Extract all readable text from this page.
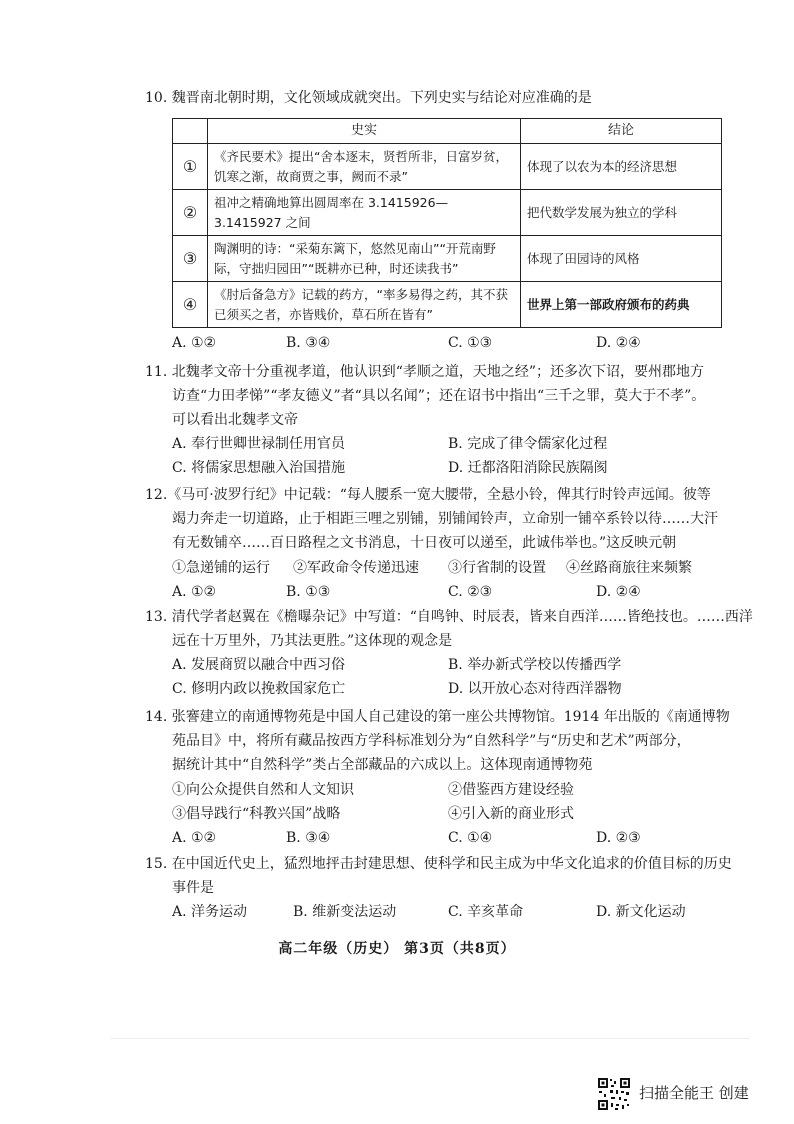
10. 魏晋南北朝时期，文化领域成就突出。下列史实与结论对应准确的是
	史实	结论
①	《齐民要术》提出“舍本逐末，贤哲所非，日富岁贫，饥寒之渐，故商贾之事，阙而不录”	体现了以农为本的经济思想
②	祖冲之精确地算出圆周率在 3.1415926—3.1415927 之间	把代数学发展为独立的学科
③	陶渊明的诗：“采菊东篱下，悠然见南山”“开荒南野际，守拙归园田”“既耕亦已种，时还读我书”	体现了田园诗的风格
④	《肘后备急方》记载的药方，“率多易得之药，其不获已须买之者，亦皆贱价，草石所在皆有”	世界上第一部政府颁布的药典
A. ①②	B. ③④	C. ①③	D. ②④
11. 北魏孝文帝十分重视孝道，他认识到“孝顺之道，天地之经”；还多次下诏，要州郡地方
访查“力田孝悌”“孝友德义”者“具以名闻”；还在诏书中指出“三千之罪，莫大于不孝”。
可以看出北魏孝文帝
A. 奉行世卿世禄制任用官员	B. 完成了律令儒家化过程
C. 将儒家思想融入治国措施	D. 迁都洛阳消除民族隔阂
12.《马可·波罗行纪》中记载：“每人腰系一宽大腰带，全悬小铃，俾其行时铃声远闻。彼等
竭力奔走一切道路，止于相距三哩之别铺，别铺闻铃声，立命别一铺卒系铃以待……大汗
有无数铺卒……百日路程之文书消息，十日夜可以递至，此诚伟举也。”这反映元朝
①急递铺的运行 ②军政命令传递迅速 ③行省制的设置 ④丝路商旅往来频繁
A. ①②	B. ①③	C. ②③	D. ②④
13. 清代学者赵翼在《檐曝杂记》中写道：“自鸣钟、时辰表，皆来自西洋……皆绝技也。……西洋
远在十万里外，乃其法更胜。”这体现的观念是
A. 发展商贸以融合中西习俗	B. 举办新式学校以传播西学
C. 修明内政以挽救国家危亡	D. 以开放心态对待西洋器物
14. 张謇建立的南通博物苑是中国人自己建设的第一座公共博物馆。1914 年出版的《南通博物
苑品目》中，将所有藏品按西方学科标准划分为“自然科学”与“历史和艺术”两部分，
据统计其中“自然科学”类占全部藏品的六成以上。这体现南通博物苑
①向公众提供自然和人文知识	②借鉴西方建设经验
③倡导践行“科教兴国”战略	④引入新的商业形式
A. ①②	B. ③④	C. ①④	D. ②③
15. 在中国近代史上，猛烈地抨击封建思想、使科学和民主成为中华文化追求的价值目标的历史
事件是
A. 洋务运动	B. 维新变法运动	C. 辛亥革命	D. 新文化运动
高二年级（历史） 第3页（共8页）
扫描全能王 创建
